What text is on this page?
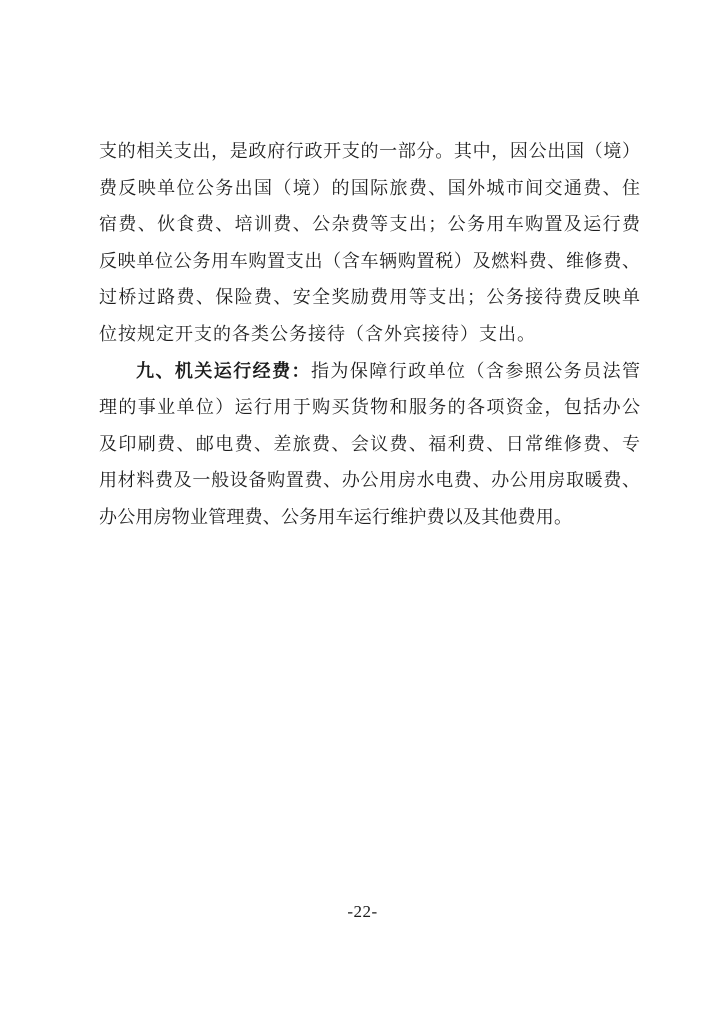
支的相关支出，是政府行政开支的一部分。其中，因公出国（境）
费反映单位公务出国（境）的国际旅费、国外城市间交通费、住
宿费、伙食费、培训费、公杂费等支出；公务用车购置及运行费
反映单位公务用车购置支出（含车辆购置税）及燃料费、维修费、
过桥过路费、保险费、安全奖励费用等支出；公务接待费反映单
位按规定开支的各类公务接待（含外宾接待）支出。
九、机关运行经费：指为保障行政单位（含参照公务员法管
理的事业单位）运行用于购买货物和服务的各项资金，包括办公
及印刷费、邮电费、差旅费、会议费、福利费、日常维修费、专
用材料费及一般设备购置费、办公用房水电费、办公用房取暖费、
办公用房物业管理费、公务用车运行维护费以及其他费用。
-22-
